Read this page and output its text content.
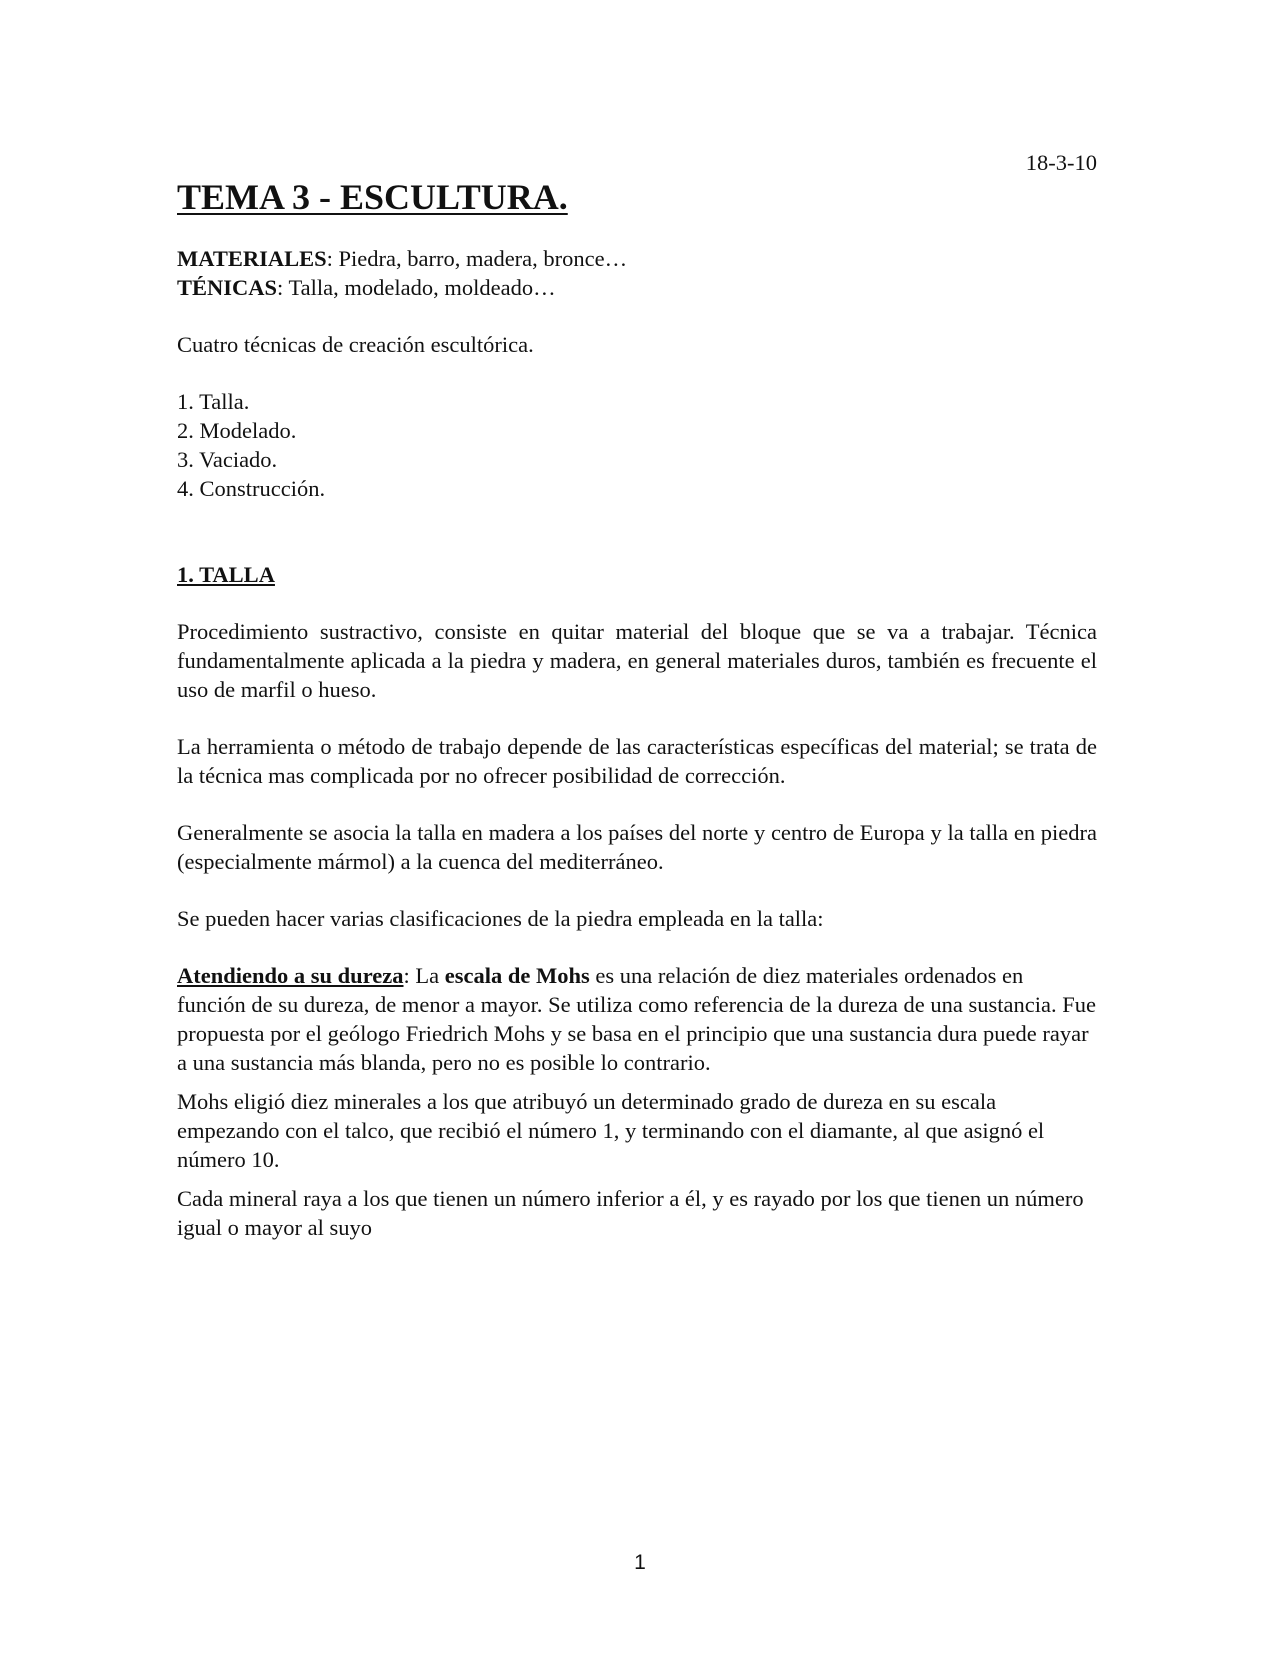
18-3-10
TEMA 3 - ESCULTURA.
MATERIALES: Piedra, barro, madera, bronce…
TÉNICAS: Talla, modelado, moldeado…

Cuatro técnicas de creación escultórica.

1. Talla.
2. Modelado.
3. Vaciado.
4. Construcción.
1. TALLA

Procedimiento sustractivo, consiste en quitar material del bloque que se va a trabajar. Técnica fundamentalmente aplicada a la piedra y madera, en general materiales duros, también es frecuente el uso de marfil o hueso.

La herramienta o método de trabajo depende de las características específicas del material; se trata de la técnica mas complicada por no ofrecer posibilidad de corrección.

Generalmente se asocia la talla en madera a los países del norte y centro de Europa y la talla en piedra (especialmente mármol) a la cuenca del mediterráneo.

Se pueden hacer varias clasificaciones de la piedra empleada en la talla:

Atendiendo a su dureza: La escala de Mohs es una relación de diez materiales ordenados en función de su dureza, de menor a mayor. Se utiliza como referencia de la dureza de una sustancia. Fue propuesta por el geólogo Friedrich Mohs y se basa en el principio que una sustancia dura puede rayar a una sustancia más blanda, pero no es posible lo contrario.

Mohs eligió diez minerales a los que atribuyó un determinado grado de dureza en su escala empezando con el talco, que recibió el número 1, y terminando con el diamante, al que asignó el número 10.

Cada mineral raya a los que tienen un número inferior a él, y es rayado por los que tienen un número igual o mayor al suyo

1
